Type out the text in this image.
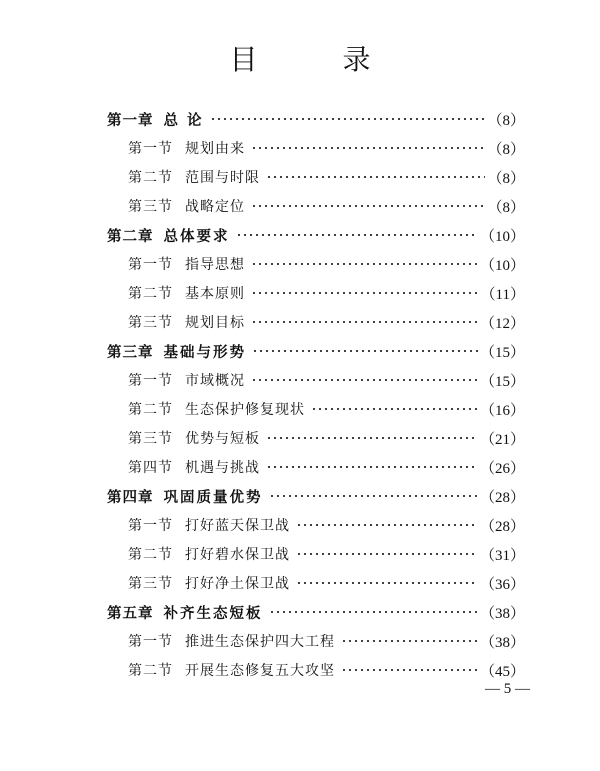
目 录
第一章 总 论	（8）
第一节 规划由来	（8）
第二节 范围与时限	（8）
第三节 战略定位	（8）
第二章 总体要求	（10）
第一节 指导思想	（10）
第二节 基本原则	（11）
第三节 规划目标	（12）
第三章 基础与形势	（15）
第一节 市域概况	（15）
第二节 生态保护修复现状	（16）
第三节 优势与短板	（21）
第四节 机遇与挑战	（26）
第四章 巩固质量优势	（28）
第一节 打好蓝天保卫战	（28）
第二节 打好碧水保卫战	（31）
第三节 打好净土保卫战	（36）
第五章 补齐生态短板	（38）
第一节 推进生态保护四大工程	（38）
第二节 开展生态修复五大攻坚	（45）
— 5 —
